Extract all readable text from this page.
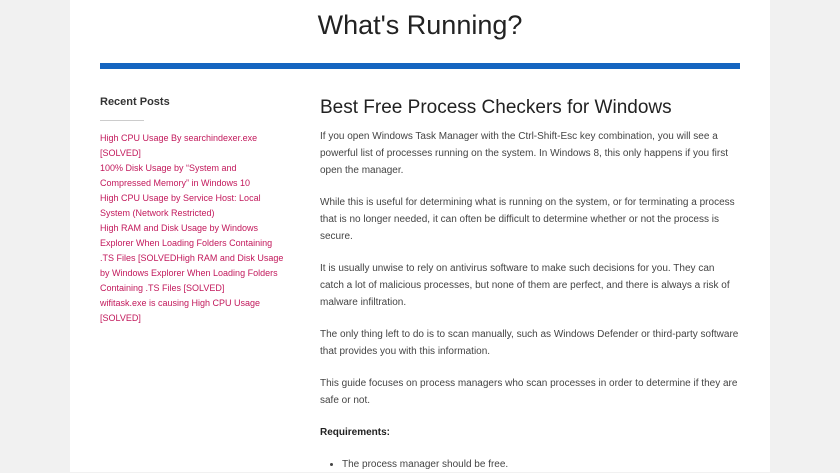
What's Running?
Recent Posts
High CPU Usage By searchindexer.exe [SOLVED]
100% Disk Usage by “System and Compressed Memory” in Windows 10
High CPU Usage by Service Host: Local System (Network Restricted)
High RAM and Disk Usage by Windows Explorer When Loading Folders Containing .TS Files [SOLVEDHigh RAM and Disk Usage by Windows Explorer When Loading Folders Containing .TS Files [SOLVED]
wifitask.exe is causing High CPU Usage [SOLVED]
Best Free Process Checkers for Windows

If you open Windows Task Manager with the Ctrl-Shift-Esc key combination, you will see a powerful list of processes running on the system. In Windows 8, this only happens if you first open the manager.

While this is useful for determining what is running on the system, or for terminating a process that is no longer needed, it can often be difficult to determine whether or not the process is secure.

It is usually unwise to rely on antivirus software to make such decisions for you. They can catch a lot of malicious processes, but none of them are perfect, and there is always a risk of malware infiltration.

The only thing left to do is to scan manually, such as Windows Defender or third-party software that provides you with this information.

This guide focuses on process managers who scan processes in order to determine if they are safe or not.

Requirements:

• The process manager should be free.
